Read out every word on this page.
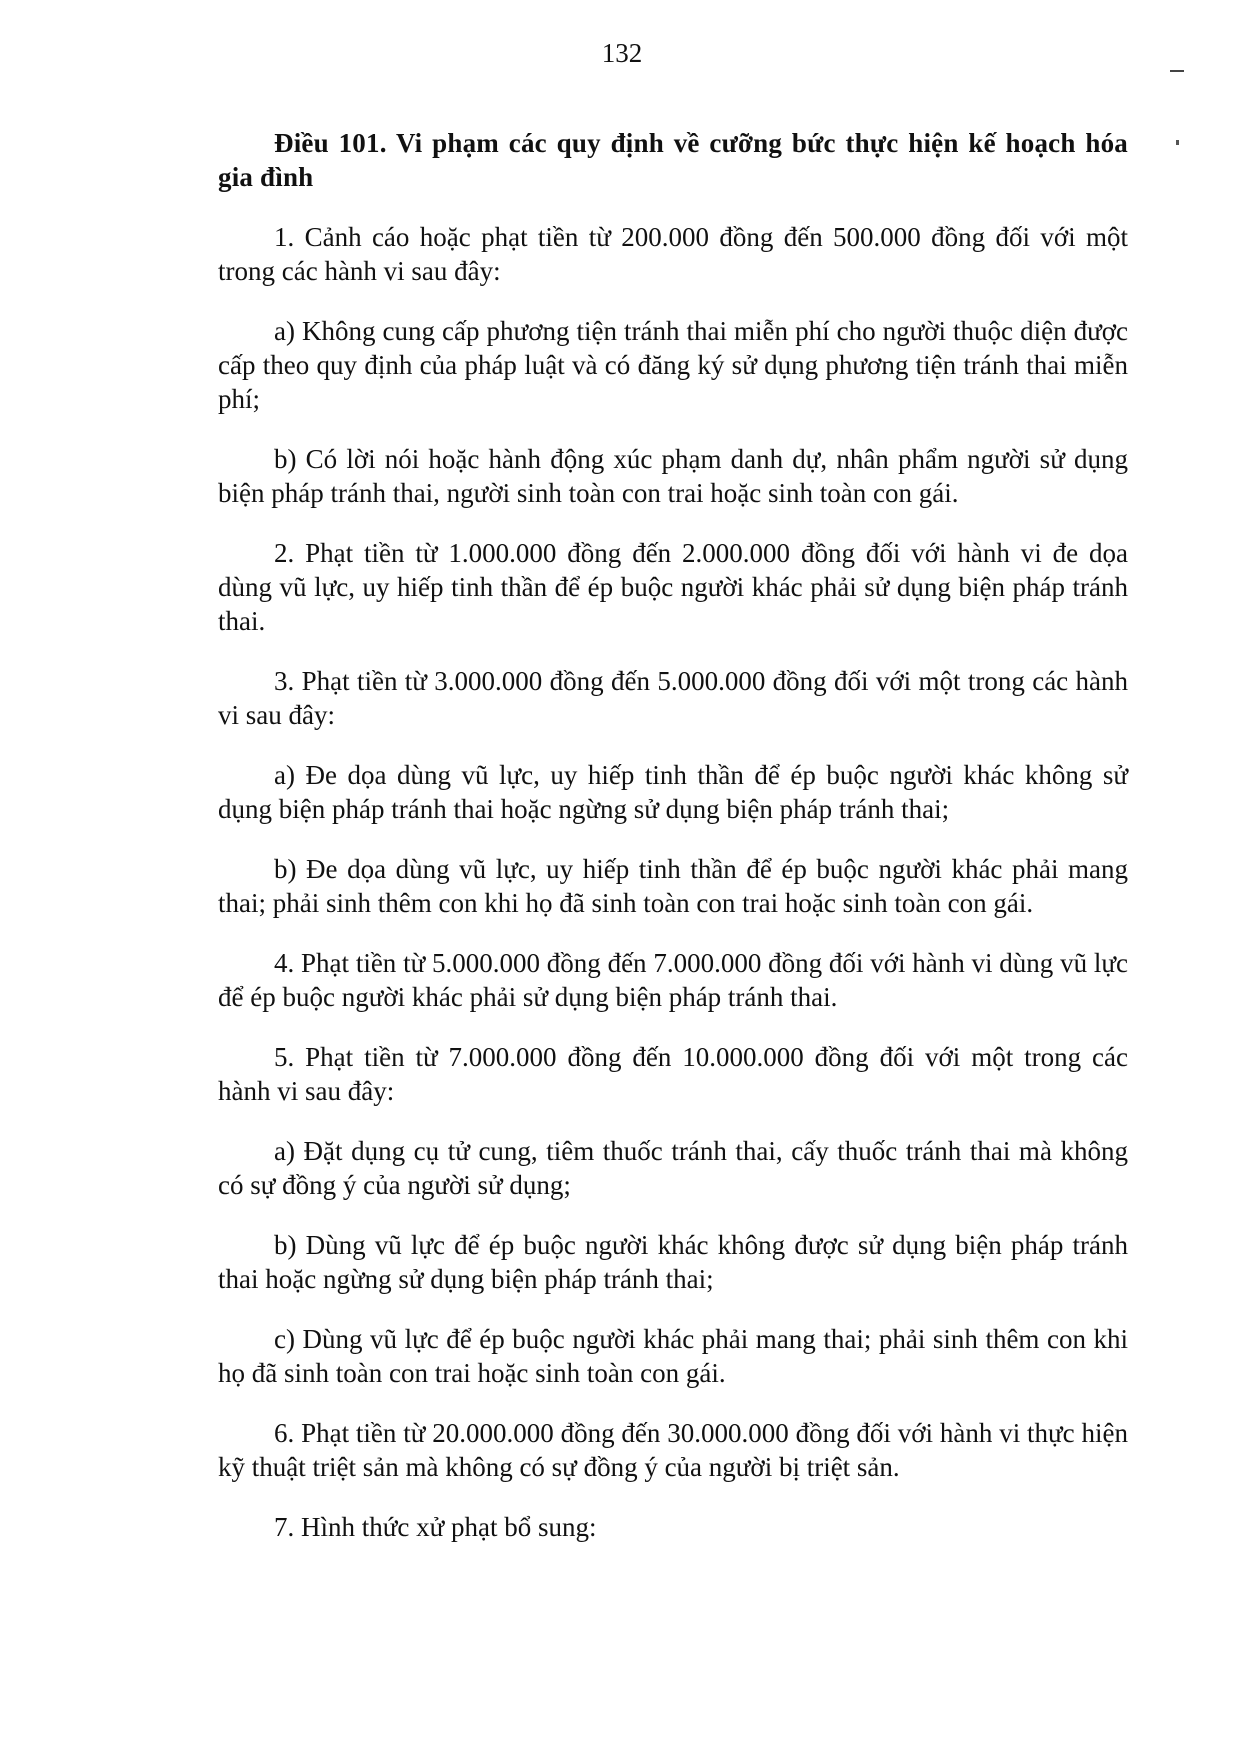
132

Điều 101. Vi phạm các quy định về cưỡng bức thực hiện kế hoạch hóa gia đình

1. Cảnh cáo hoặc phạt tiền từ 200.000 đồng đến 500.000 đồng đối với một trong các hành vi sau đây:

a) Không cung cấp phương tiện tránh thai miễn phí cho người thuộc diện được cấp theo quy định của pháp luật và có đăng ký sử dụng phương tiện tránh thai miễn phí;

b) Có lời nói hoặc hành động xúc phạm danh dự, nhân phẩm người sử dụng biện pháp tránh thai, người sinh toàn con trai hoặc sinh toàn con gái.

2. Phạt tiền từ 1.000.000 đồng đến 2.000.000 đồng đối với hành vi đe dọa dùng vũ lực, uy hiếp tinh thần để ép buộc người khác phải sử dụng biện pháp tránh thai.

3. Phạt tiền từ 3.000.000 đồng đến 5.000.000 đồng đối với một trong các hành vi sau đây:

a) Đe dọa dùng vũ lực, uy hiếp tinh thần để ép buộc người khác không sử dụng biện pháp tránh thai hoặc ngừng sử dụng biện pháp tránh thai;

b) Đe dọa dùng vũ lực, uy hiếp tinh thần để ép buộc người khác phải mang thai; phải sinh thêm con khi họ đã sinh toàn con trai hoặc sinh toàn con gái.

4. Phạt tiền từ 5.000.000 đồng đến 7.000.000 đồng đối với hành vi dùng vũ lực để ép buộc người khác phải sử dụng biện pháp tránh thai.

5. Phạt tiền từ 7.000.000 đồng đến 10.000.000 đồng đối với một trong các hành vi sau đây:

a) Đặt dụng cụ tử cung, tiêm thuốc tránh thai, cấy thuốc tránh thai mà không có sự đồng ý của người sử dụng;

b) Dùng vũ lực để ép buộc người khác không được sử dụng biện pháp tránh thai hoặc ngừng sử dụng biện pháp tránh thai;

c) Dùng vũ lực để ép buộc người khác phải mang thai; phải sinh thêm con khi họ đã sinh toàn con trai hoặc sinh toàn con gái.

6. Phạt tiền từ 20.000.000 đồng đến 30.000.000 đồng đối với hành vi thực hiện kỹ thuật triệt sản mà không có sự đồng ý của người bị triệt sản.

7. Hình thức xử phạt bổ sung:
